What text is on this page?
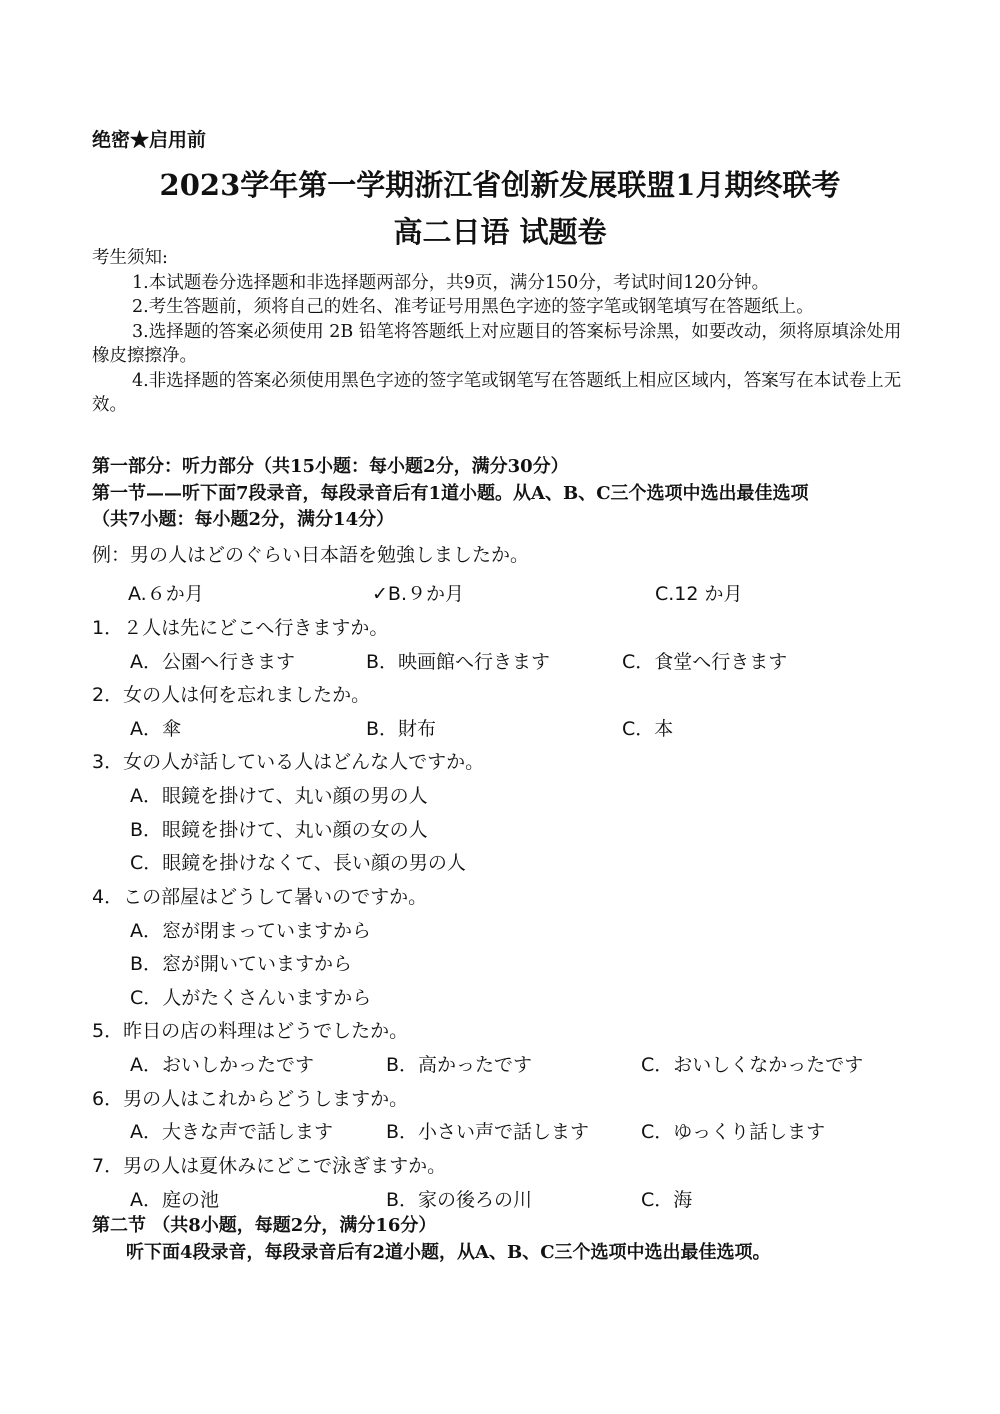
绝密★启用前
2023学年第一学期浙江省创新发展联盟1月期终联考
高二日语 试题卷

考生须知:

1.本试题卷分选择题和非选择题两部分，共9页，满分150分，考试时间120分钟。

2.考生答题前，须将自己的姓名、准考证号用黑色字迹的签字笔或钢笔填写在答题纸上。

3.选择题的答案必须使用 2B 铅笔将答题纸上对应题目的答案标号涂黑，如要改动，须将原填涂处用橡皮擦擦净。

4.非选择题的答案必须使用黑色字迹的签字笔或钢笔写在答题纸上相应区域内，答案写在本试卷上无效。

第一部分：听力部分（共15小题：每小题2分，满分30分）
第一节——听下面7段录音，每段录音后有1道小题。从A、B、C三个选项中选出最佳选项
（共7小题：每小题2分，满分14分）
例：男の人はどのぐらい日本語を勉強しましたか。
A.６か月	✓B.９か月	C.12 か月
1．２人は先にどこへ行きますか。
A．公園へ行きます	B．映画館へ行きます	C．食堂へ行きます
2．女の人は何を忘れましたか。
A．傘	B．財布	C．本
3．女の人が話している人はどんな人ですか。
A．眼鏡を掛けて、丸い顔の男の人
B．眼鏡を掛けて、丸い顔の女の人
C．眼鏡を掛けなくて、長い顔の男の人
4．この部屋はどうして暑いのですか。
A．窓が閉まっていますから
B．窓が開いていますから
C．人がたくさんいますから
5．昨日の店の料理はどうでしたか。
A．おいしかったです	B．高かったです	C．おいしくなかったです
6．男の人はこれからどうしますか。
A．大きな声で話します	B．小さい声で話します	C．ゆっくり話します
7．男の人は夏休みにどこで泳ぎますか。
A．庭の池	B．家の後ろの川	C．海
第二节 （共8小题，每题2分，满分16分）
听下面4段录音，每段录音后有2道小题，从A、B、C三个选项中选出最佳选项。
